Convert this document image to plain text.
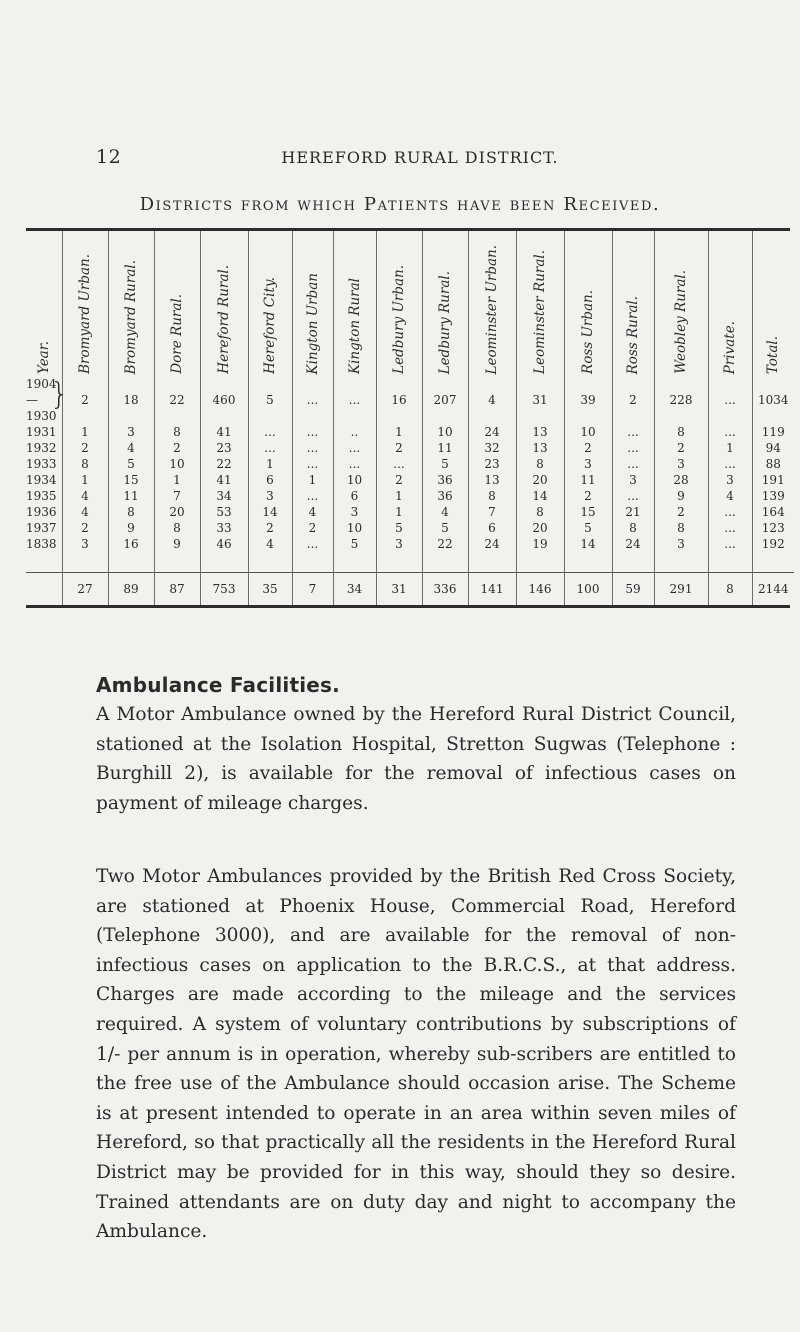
12	HEREFORD RURAL DISTRICT.
Districts from which Patients have been Received.
Year.	Bromyard Urban.	Bromyard Rural.	Dore Rural.	Hereford Rural.	Hereford City.	Kington Urban	Kington Rural	Ledbury Urban.	Ledbury Rural.	Leominster Urban.	Leominster Rural.	Ross Urban.	Ross Rural.	Weobley Rural.	Private.	Total.

1904
—
1930
}	2	18	22	460	5	...	...	16	207	4	31	39	2	228	...	1034
1931	1	3	8	41	...	...	..	1	10	24	13	10	...	8	...	119
1932	2	4	2	23	...	...	...	2	11	32	13	2	...	2	1	94
1933	8	5	10	22	1	...	...	...	5	23	8	3	...	3	...	88
1934	1	15	1	41	6	1	10	2	36	13	20	11	3	28	3	191
1935	4	11	7	34	3	...	6	1	36	8	14	2	...	9	4	139
1936	4	8	20	53	14	4	3	1	4	7	8	15	21	2	...	164
1937	2	9	8	33	2	2	10	5	5	6	20	5	8	8	...	123
1838	3	16	9	46	4	...	5	3	22	24	19	14	24	3	...	192

	27	89	87	753	35	7	34	31	336	141	146	100	59	291	8	2144
Ambulance Facilities.

A Motor Ambulance owned by the Hereford Rural District Council, stationed at the Isolation Hospital, Stretton Sugwas (Telephone : Burghill 2), is available for the removal of infectious cases on payment of mileage charges.

Two Motor Ambulances provided by the British Red Cross Society, are stationed at Phoenix House, Commercial Road, Hereford (Telephone 3000), and are available for the removal of non-infectious cases on application to the B.R.C.S., at that address. Charges are made according to the mileage and the services required. A system of voluntary contributions by subscriptions of 1/- per annum is in operation, whereby sub-scribers are entitled to the free use of the Ambulance should occasion arise. The Scheme is at present intended to operate in an area within seven miles of Hereford, so that practically all the residents in the Hereford Rural District may be provided for in this way, should they so desire. Trained attendants are on duty day and night to accompany the Ambulance.
